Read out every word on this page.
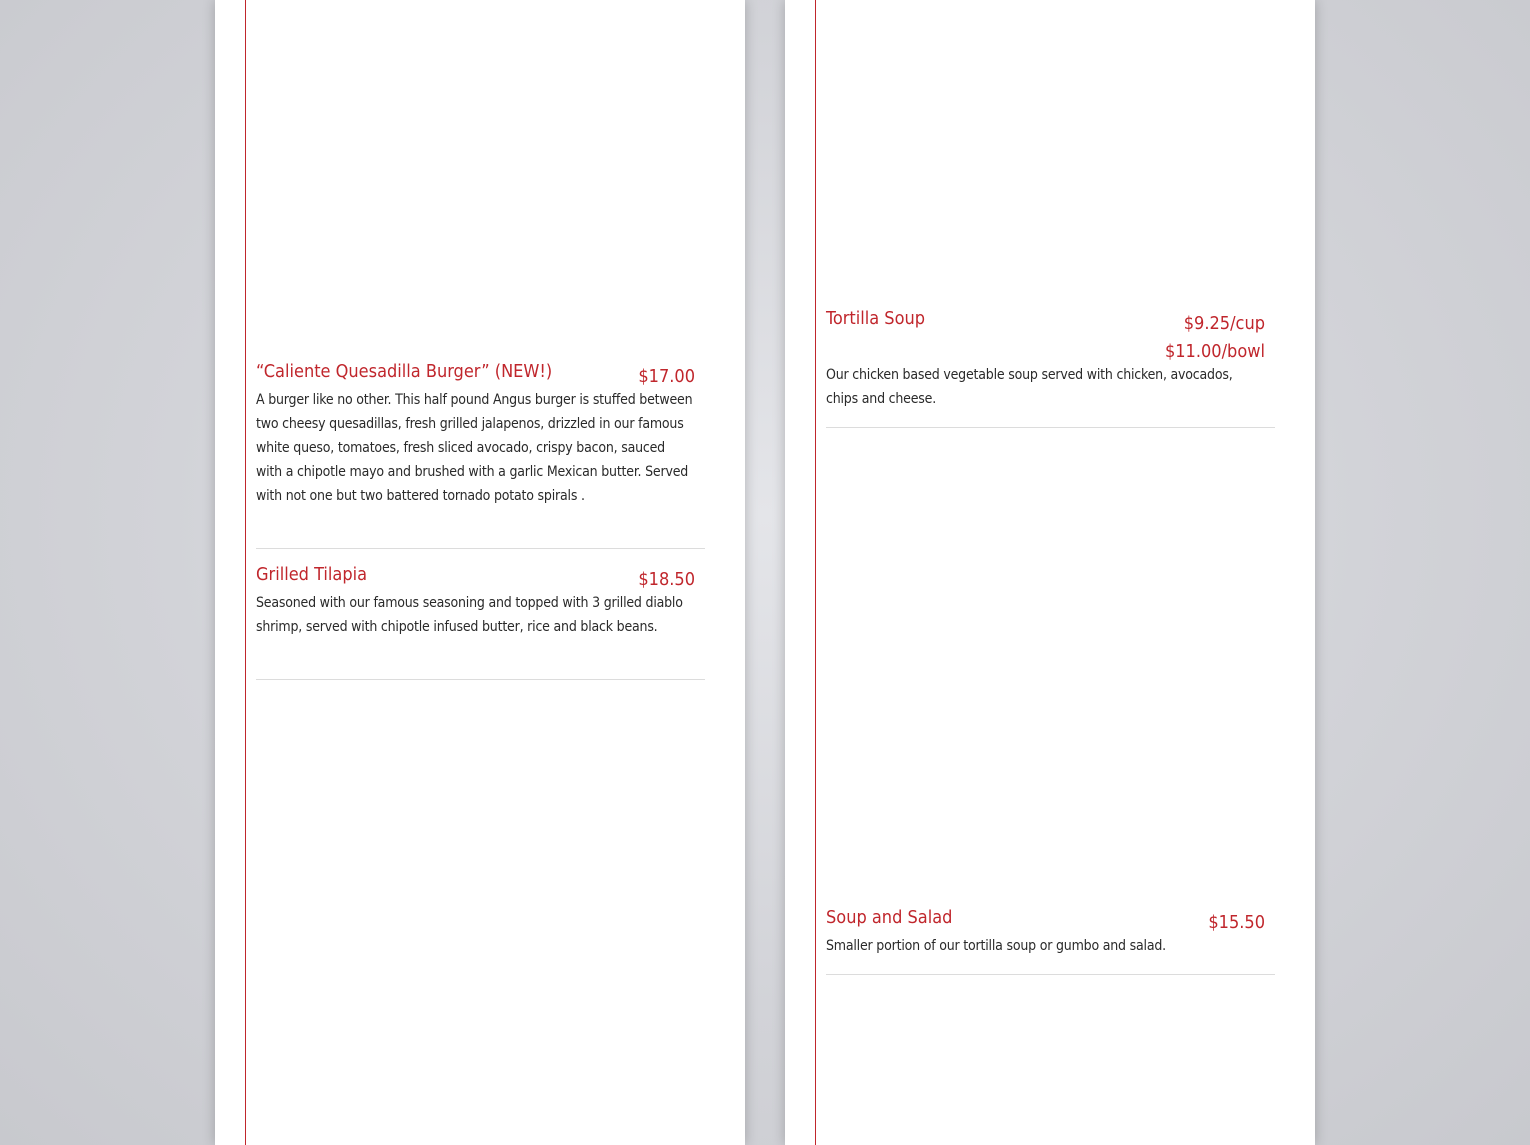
“Caliente Quesadilla Burger” (NEW!)	$17.00
A burger like no other. This half pound Angus burger is stuffed between two cheesy quesadillas, fresh grilled jalapenos, drizzled in our famous white queso, tomatoes, fresh sliced avocado, crispy bacon, sauced with a chipotle mayo and brushed with a garlic Mexican butter. Served with not one but two battered tornado potato spirals .
Grilled Tilapia	$18.50
Seasoned with our famous seasoning and topped with 3 grilled diablo shrimp, served with chipotle infused butter, rice and black beans.
Tortilla Soup	$9.25/cup
$11.00/bowl
Our chicken based vegetable soup served with chicken, avocados, chips and cheese.
Soup and Salad	$15.50
Smaller portion of our tortilla soup or gumbo and salad.
